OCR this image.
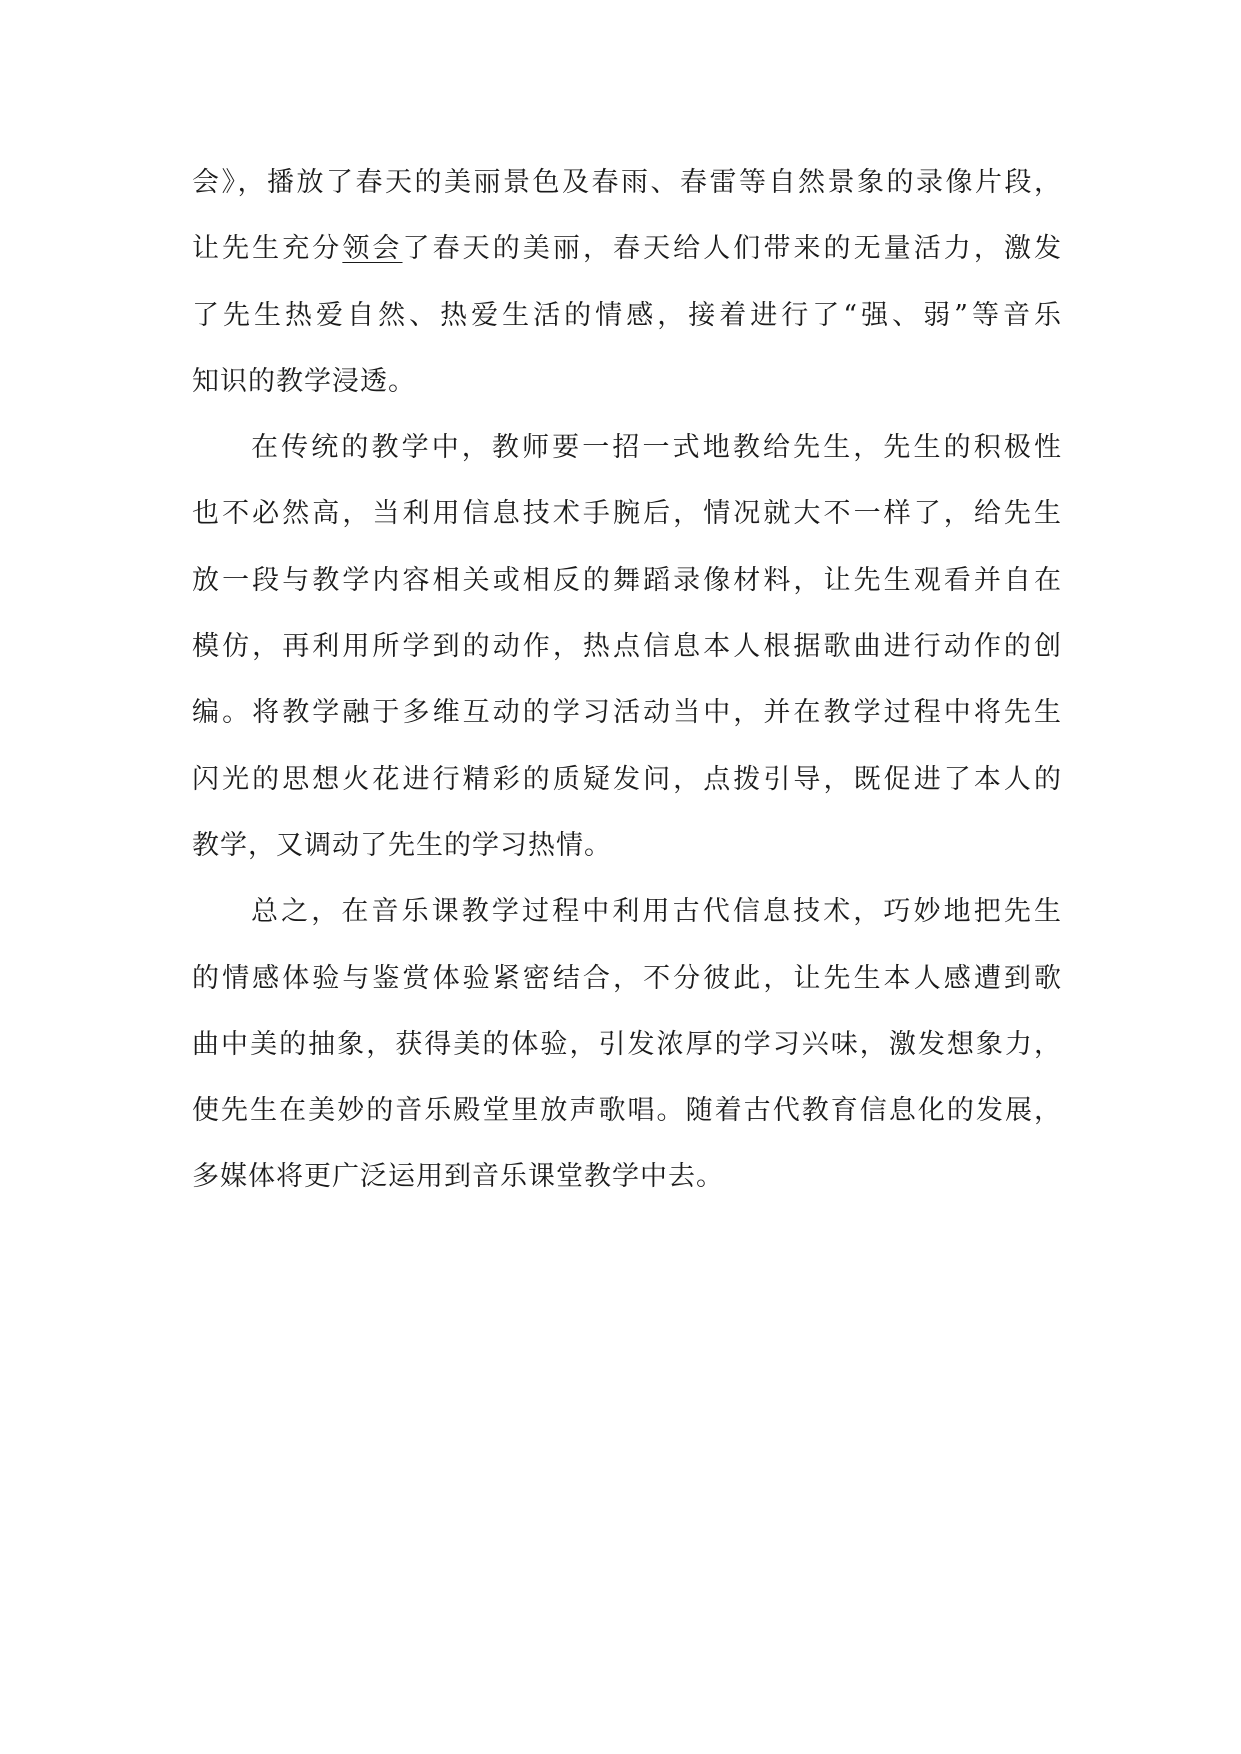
会》，播放了春天的美丽景色及春雨、春雷等自然景象的录像片段，
让先生充分领会了春天的美丽，春天给人们带来的无量活力，激发
了先生热爱自然、热爱生活的情感，接着进行了“强、弱”等音乐
知识的教学浸透。
在传统的教学中，教师要一招一式地教给先生，先生的积极性
也不必然高，当利用信息技术手腕后，情况就大不一样了，给先生
放一段与教学内容相关或相反的舞蹈录像材料，让先生观看并自在
模仿，再利用所学到的动作，热点信息本人根据歌曲进行动作的创
编。将教学融于多维互动的学习活动当中，并在教学过程中将先生
闪光的思想火花进行精彩的质疑发问，点拨引导，既促进了本人的
教学，又调动了先生的学习热情。
总之，在音乐课教学过程中利用古代信息技术，巧妙地把先生
的情感体验与鉴赏体验紧密结合，不分彼此，让先生本人感遭到歌
曲中美的抽象，获得美的体验，引发浓厚的学习兴味，激发想象力，
使先生在美妙的音乐殿堂里放声歌唱。随着古代教育信息化的发展，
多媒体将更广泛运用到音乐课堂教学中去。
